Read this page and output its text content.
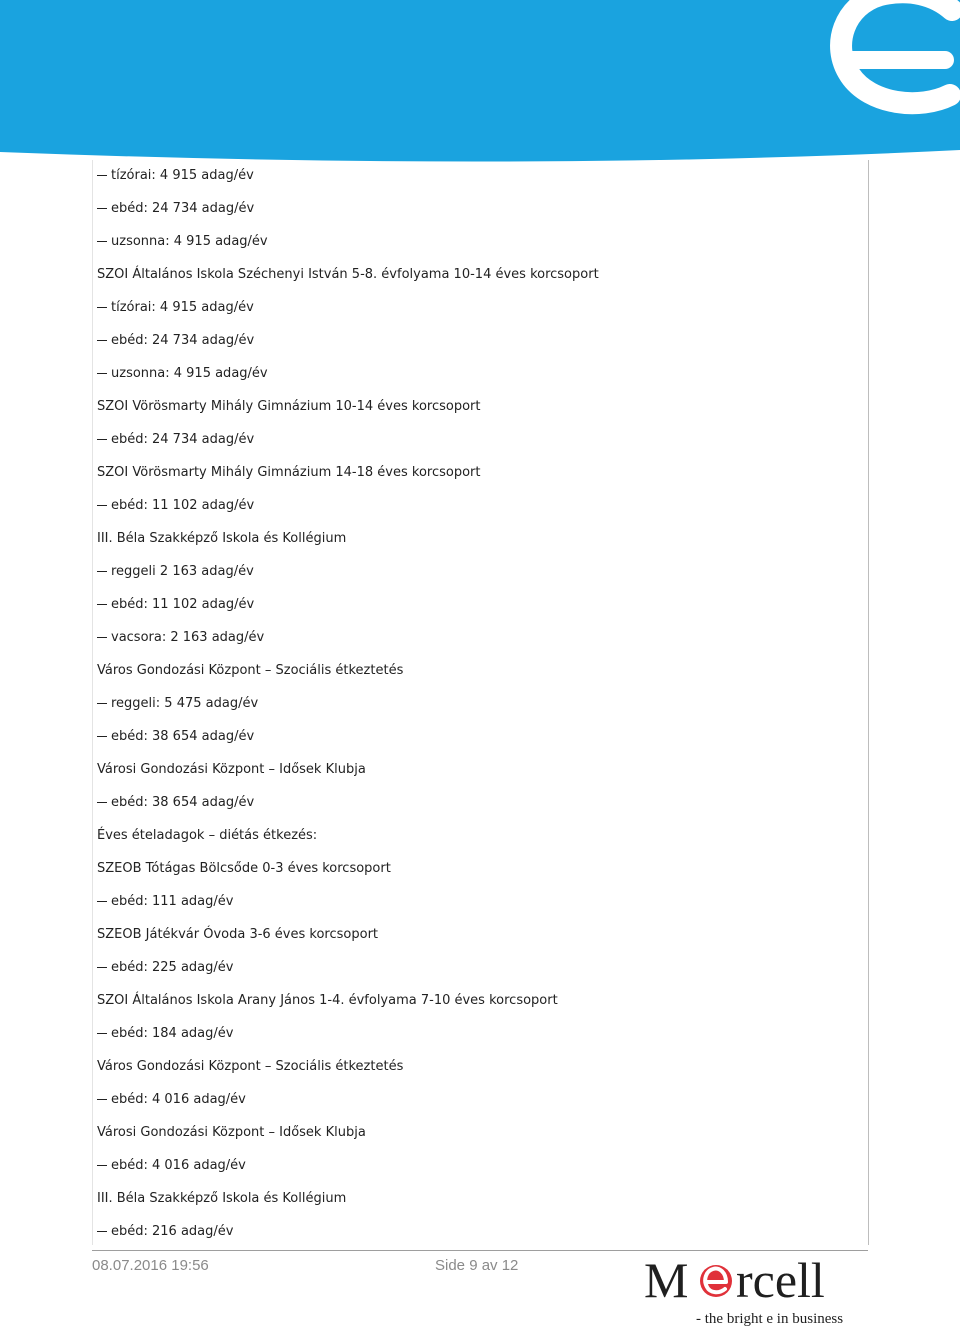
tízórai: 4 915 adag/év
ebéd: 24 734 adag/év
uzsonna: 4 915 adag/év
SZOI Általános Iskola Széchenyi István 5-8. évfolyama 10-14 éves korcsoport
tízórai: 4 915 adag/év
ebéd: 24 734 adag/év
uzsonna: 4 915 adag/év
SZOI Vörösmarty Mihály Gimnázium 10-14 éves korcsoport
ebéd: 24 734 adag/év
SZOI Vörösmarty Mihály Gimnázium 14-18 éves korcsoport
ebéd: 11 102 adag/év
III. Béla Szakképző Iskola és Kollégium
reggeli 2 163 adag/év
ebéd: 11 102 adag/év
vacsora: 2 163 adag/év
Város Gondozási Központ – Szociális étkeztetés
reggeli: 5 475 adag/év
ebéd: 38 654 adag/év
Városi Gondozási Központ – Idősek Klubja
ebéd: 38 654 adag/év
Éves ételadagok – diétás étkezés:
SZEOB Tótágas Bölcsőde 0-3 éves korcsoport
ebéd: 111 adag/év
SZEOB Játékvár Óvoda 3-6 éves korcsoport
ebéd: 225 adag/év
SZOI Általános Iskola Arany János 1-4. évfolyama 7-10 éves korcsoport
ebéd: 184 adag/év
Város Gondozási Központ – Szociális étkeztetés
ebéd: 4 016 adag/év
Városi Gondozási Központ – Idősek Klubja
ebéd: 4 016 adag/év
III. Béla Szakképző Iskola és Kollégium
ebéd: 216 adag/év
08.07.2016 19:56	Side 9 av 12	M rcell
- the bright e in business
